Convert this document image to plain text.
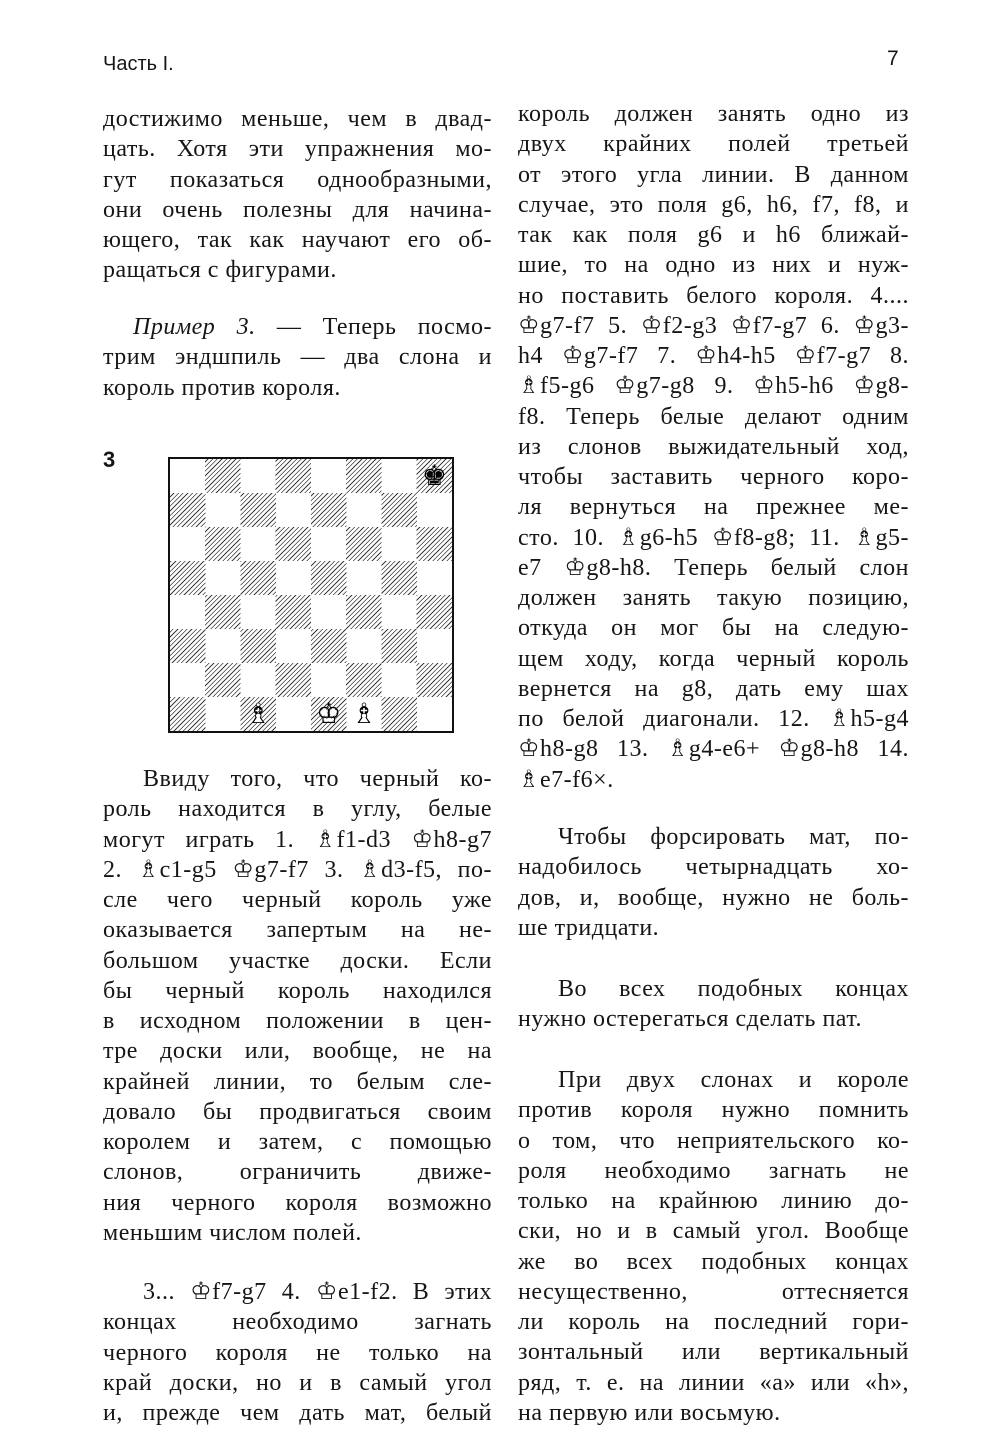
Часть I.	7
достижимо меньше, чем в двад-
цать. Хотя эти упражнения мо-
гут показаться однообразными,
они очень полезны для начина-
ющего, так как научают его об-
ращаться с фигурами.
Пример 3. — Теперь посмо-
трим эндшпиль — два слона и
король против короля.
3	♚
♝ ♗ ♚ ♔ ♝ ♗
Ввиду того, что черный ко-
роль находится в углу, белые
могут играть 1. ♗f1-d3 ♔h8-g7
2. ♗c1-g5 ♔g7-f7 3. ♗d3-f5, по-
сле чего черный король уже
оказывается запертым на не-
большом участке доски. Если
бы черный король находился
в исходном положении в цен-
тре доски или, вообще, не на
крайней линии, то белым сле-
довало бы продвигаться своим
королем и затем, с помощью
слонов, ограничить движе-
ния черного короля возможно
меньшим числом полей.
3... ♔f7-g7 4. ♔e1-f2. В этих
концах необходимо загнать
черного короля не только на
край доски, но и в самый угол
и, прежде чем дать мат, белый
король должен занять одно из
двух крайних полей третьей
от этого угла линии. В данном
случае, это поля g6, h6, f7, f8, и
так как поля g6 и h6 ближай-
шие, то на одно из них и нуж-
но поставить белого короля. 4....
♔g7-f7 5. ♔f2-g3 ♔f7-g7 6. ♔g3-
h4 ♔g7-f7 7. ♔h4-h5 ♔f7-g7 8.
♗f5-g6 ♔g7-g8 9. ♔h5-h6 ♔g8-
f8. Теперь белые делают одним
из слонов выжидательный ход,
чтобы заставить черного коро-
ля вернуться на прежнее ме-
сто. 10. ♗g6-h5 ♔f8-g8; 11. ♗g5-
e7 ♔g8-h8. Теперь белый слон
должен занять такую позицию,
откуда он мог бы на следую-
щем ходу, когда черный король
вернется на g8, дать ему шах
по белой диагонали. 12. ♗h5-g4
♔h8-g8 13. ♗g4-e6+ ♔g8-h8 14.
♗e7-f6×.
Чтобы форсировать мат, по-
надобилось четырнадцать хо-
дов, и, вообще, нужно не боль-
ше тридцати.
Во всех подобных концах
нужно остерегаться сделать пат.
При двух слонах и короле
против короля нужно помнить
о том, что неприятельского ко-
роля необходимо загнать не
только на крайнюю линию до-
ски, но и в самый угол. Вообще
же во всех подобных концах
несущественно, оттесняется
ли король на последний гори-
зонтальный или вертикальный
ряд, т. е. на линии «а» или «h»,
на первую или восьмую.
